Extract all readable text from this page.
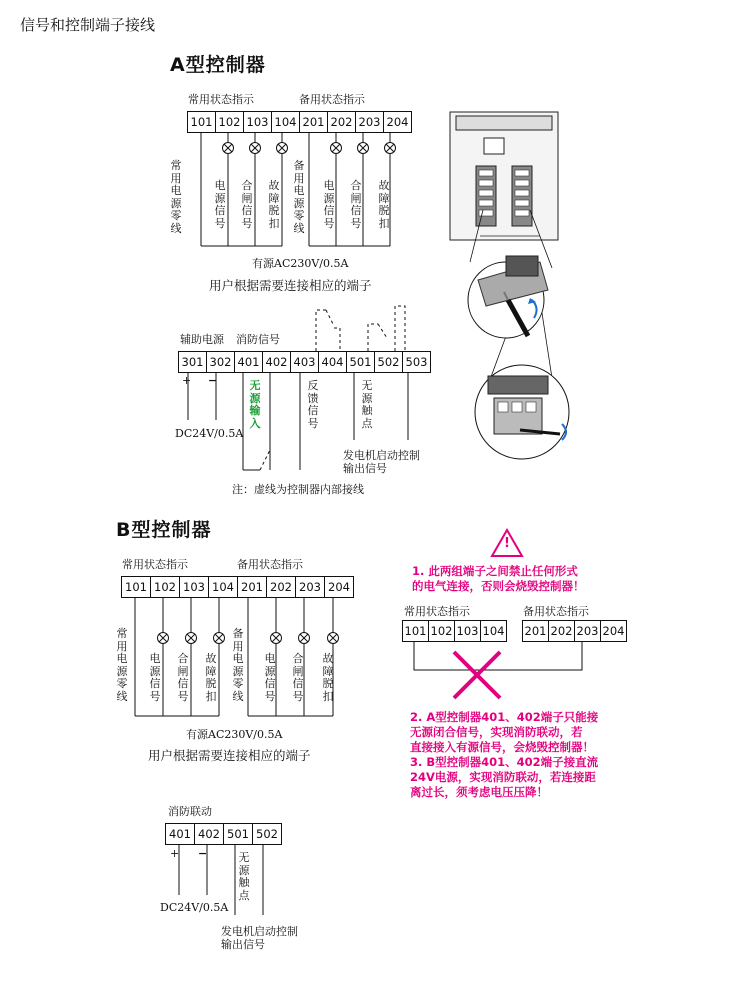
信号和控制端子接线
A型控制器
常用状态指示	备用状态指示
101 102 103 104 201 202 203 204
常用电源零线
电源信号
合闸信号
故障脱扣
备用电源零线
电源信号
合闸信号
故障脱扣
有源AC230V/0.5A
用户根据需要连接相应的端子
辅助电源 消防信号
301 302 401 402 403 404 501 502 503
+ −
DC24V/0.5A
无源输入
反馈信号
无源触点
发电机启动控制
输出信号
注：虚线为控制器内部接线
B型控制器
常用状态指示	备用状态指示
101 102 103 104 201 202 203 204
常用电源零线
电源信号
合闸信号
故障脱扣
备用电源零线
电源信号
合闸信号
故障脱扣
有源AC230V/0.5A
用户根据需要连接相应的端子
消防联动
401 402 501 502
+ −
DC24V/0.5A
无源触点
发电机启动控制
输出信号
!
1. 此两组端子之间禁止任何形式
的电气连接，否则会烧毁控制器！
常用状态指示	备用状态指示
101 102 103 104 201 202 203 204
2. A型控制器401、402端子只能接
无源闭合信号，实现消防联动，若
直接接入有源信号，会烧毁控制器！
3. B型控制器401、402端子接直流
24V电源，实现消防联动，若连接距
离过长，须考虑电压压降！
